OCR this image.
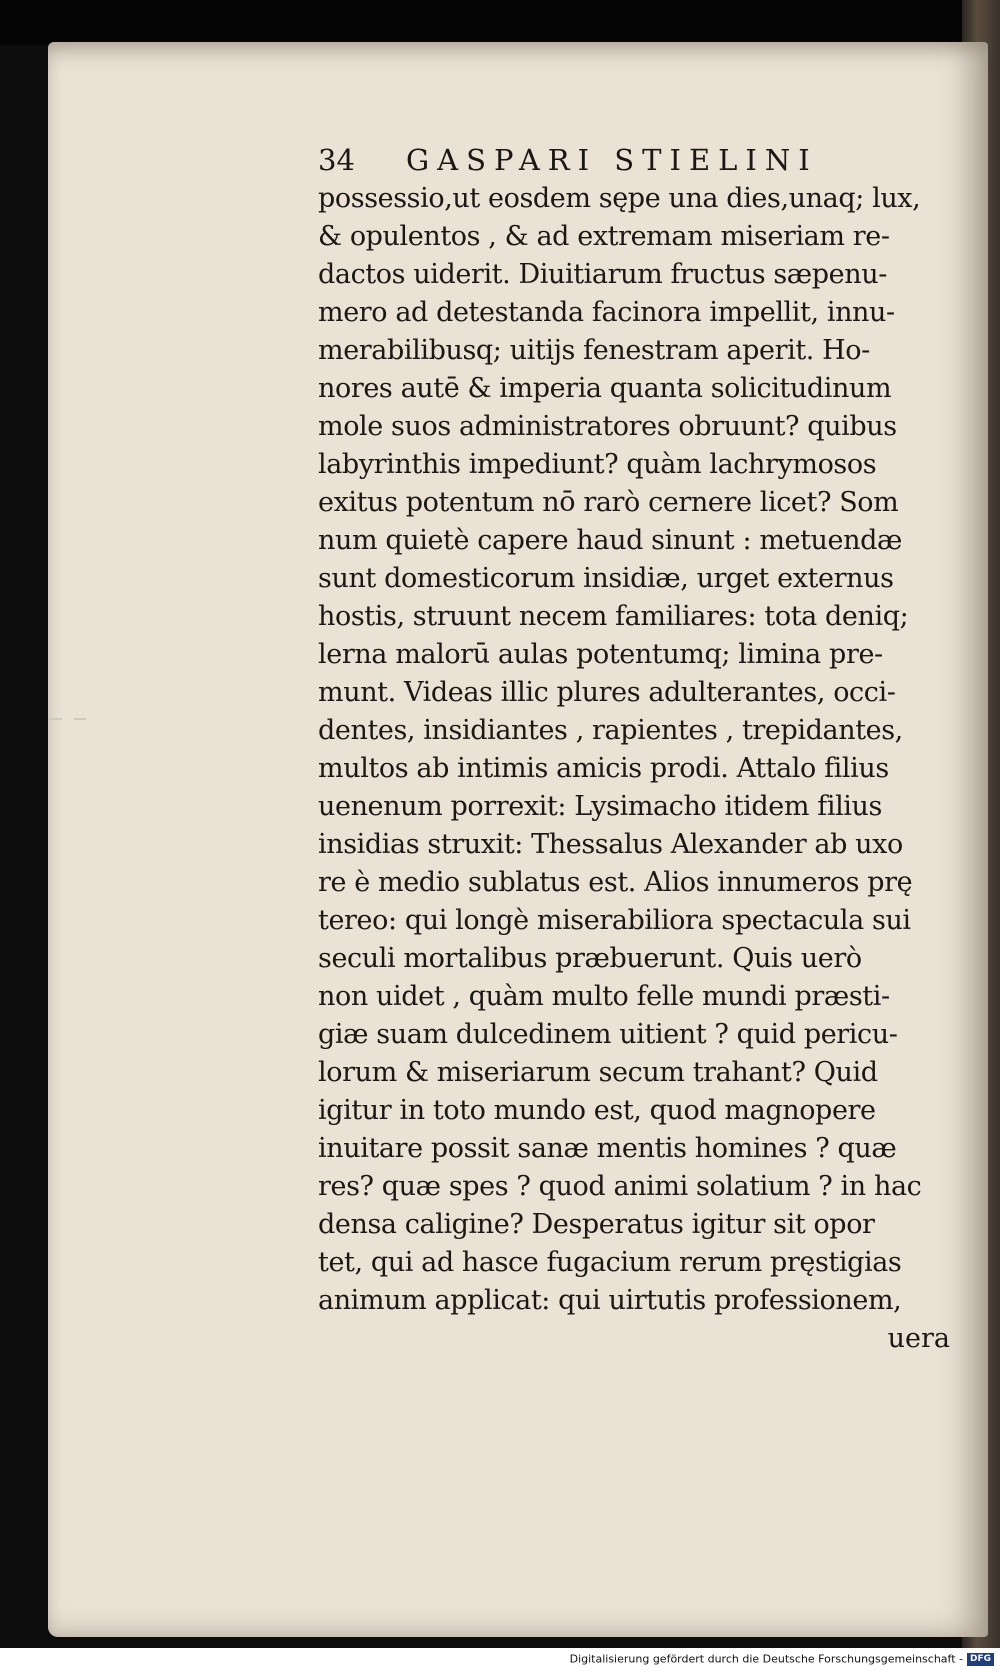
34 GASPARI STIELINI
possessio,ut eosdem sępe una dies,unaq; lux,
& opulentos , & ad extremam miseriam re-
dactos uiderit. Diuitiarum fructus sæpenu-
mero ad detestanda facinora impellit, innu-
merabilibusq; uitijs fenestram aperit. Ho-
nores autē & imperia quanta solicitudinum
mole suos administratores obruunt? quibus
labyrinthis impediunt? quàm lachrymosos
exitus potentum nō rarò cernere licet? Som
num quietè capere haud sinunt : metuendæ
sunt domesticorum insidiæ, urget externus
hostis, struunt necem familiares: tota deniq;
lerna malorū aulas potentumq; limina pre-
munt. Videas illic plures adulterantes, occi-
dentes, insidiantes , rapientes , trepidantes,
multos ab intimis amicis prodi. Attalo filius
uenenum porrexit: Lysimacho itidem filius
insidias struxit: Thessalus Alexander ab uxo
re è medio sublatus est. Alios innumeros prę
tereo: qui longè miserabiliora spectacula sui
seculi mortalibus præbuerunt. Quis uerò
non uidet , quàm multo felle mundi præsti-
giæ suam dulcedinem uitient ? quid pericu-
lorum & miseriarum secum trahant? Quid
igitur in toto mundo est, quod magnopere
inuitare possit sanæ mentis homines ? quæ
res? quæ spes ? quod animi solatium ? in hac
densa caligine? Desperatus igitur sit opor
tet, qui ad hasce fugacium rerum pręstigias
animum applicat: qui uirtutis professionem,
uera
Digitalisierung gefördert durch die Deutsche Forschungsgemeinschaft - DFG
